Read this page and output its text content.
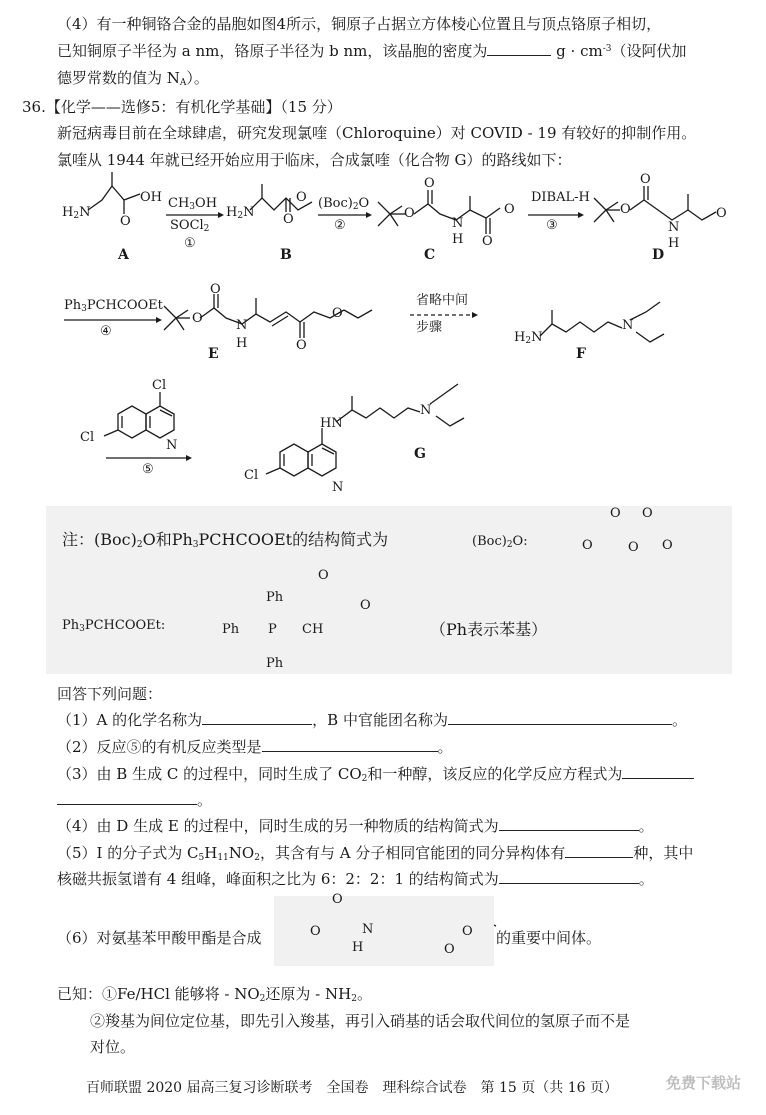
（4）有一种铜铬合金的晶胞如图4所示，铜原子占据立方体棱心位置且与顶点铬原子相切，
已知铜原子半径为 a nm，铬原子半径为 b nm，该晶胞的密度为	$g \cdot cm^{-3}$（设阿伏加
德罗常数的值为 $N_A$）。
36.【化学——选修5：有机化学基础】（15 分）
新冠病毒目前在全球肆虐，研究发现氯喹（Chloroquine）对 COVID - 19 有较好的抑制作用。
氯喹从 1944 年就已经开始应用于临床，合成氯喹（化合物 G）的路线如下：
$H_2N$
OH
O
A
$CH_3OH$
SOCl$_2$
①
$H_2N$
O
O
B
$(Boc)_2O$
②
O
O
N
H O
O
C
DIBAL-H
③
O
O
N
H
O
D
$Ph_3PCHCOOEt$
④
O
O
N
H	O
O
E
省略中间
步骤
$H_2N$
N
F
Cl
Cl
N
⑤
HN
N
Cl
N
G
注：$(Boc)_2O$和$Ph_3PCHCOOEt$的结构简式为	$(Boc)_2O$:	O
O
O
O
O
$Ph_3PCHCOOEt$:
Ph
Ph P CH
Ph
O
O
（Ph表示苯基）
回答下列问题：
（1）A 的化学名称为	，B 中官能团名称为	。
（2）反应⑤的有机反应类型是	。
（3）由 B 生成 C 的过程中，同时生成了 $CO_2$和一种醇，该反应的化学反应方程式为
。
（4）由 D 生成 E 的过程中，同时生成的另一种物质的结构简式为	。
（5）I 的分子式为 $C_5H_{11}NO_2$，其含有与 A 分子相同官能团的同分异构体有	种，其中
核磁共振氢谱有 4 组峰，峰面积之比为 6：2：2：1 的结构简式为	。
（6）对氨基苯甲酸甲酯是合成	的重要中间体。
O
O
N
H	O
O
已知：①Fe/HCl 能够将 - $NO_2$还原为 - $NH_2$。
②羧基为间位定位基，即先引入羧基，再引入硝基的话会取代间位的氢原子而不是
对位。
百师联盟 2020 届高三复习诊断联考　全国卷　理科综合试卷　第 15 页（共 16 页）	免费下载站
